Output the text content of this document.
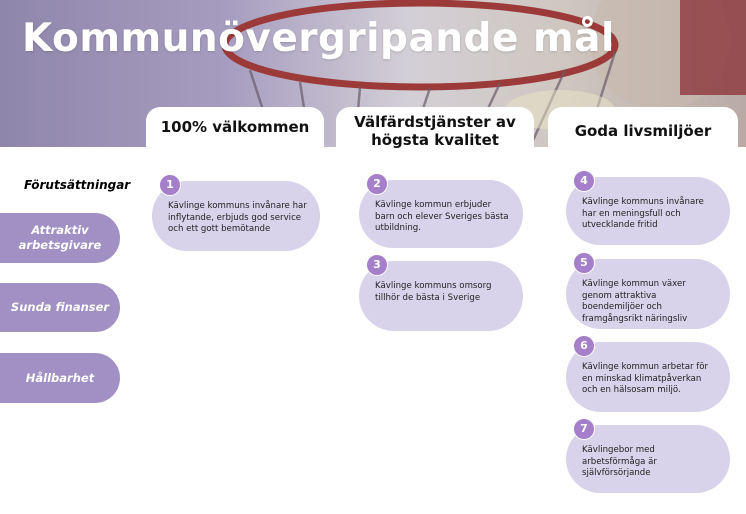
Kommunövergripande mål
100% välkommen	Välfärdstjänster av högsta kvalitet	Goda livsmiljöer
Förutsättningar
Attraktiv arbetsgivare
Sunda finanser
Hållbarhet
1
Kävlinge kommuns invånare har inflytande, erbjuds god service och ett gott bemötande
2
Kävlinge kommun erbjuder barn och elever Sveriges bästa utbildning.
3
Kävlinge kommuns omsorg tillhör de bästa i Sverige
4
Kävlinge kommuns invånare har en meningsfull och utvecklande fritid
5
Kävlinge kommun växer genom attraktiva boendemiljöer och framgångsrikt näringsliv
6
Kävlinge kommun arbetar för en minskad klimatpåverkan och en hälsosam miljö.
7
Kävlingebor med arbetsförmåga är självförsörjande
